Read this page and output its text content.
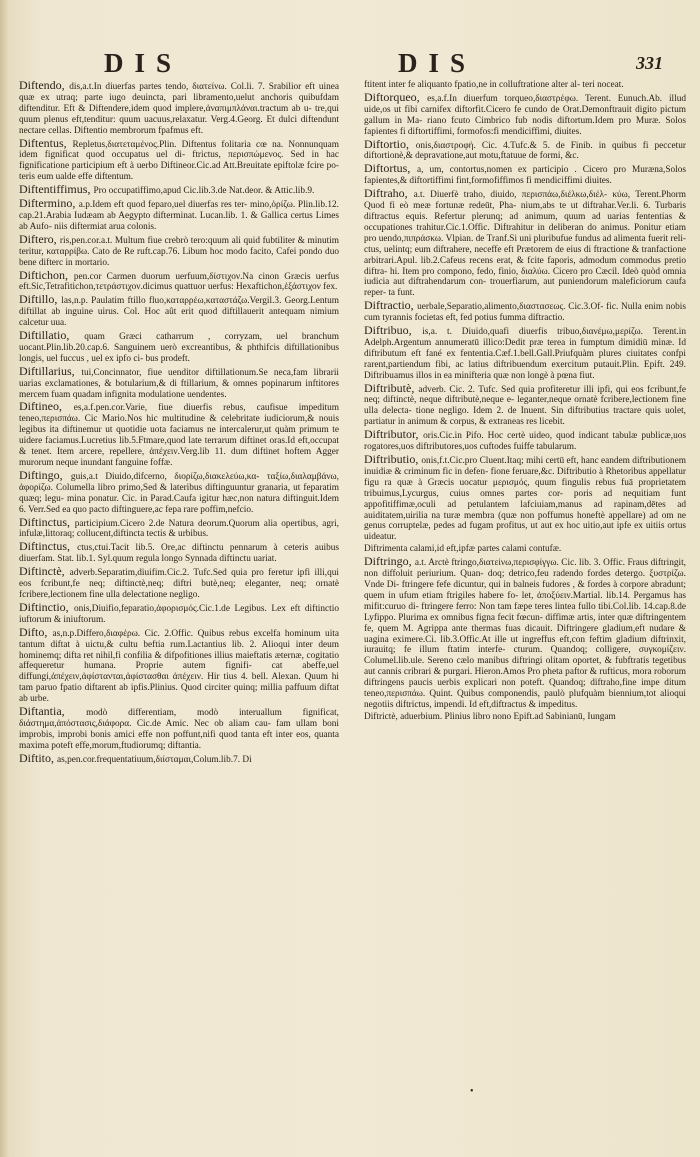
DIS	DIS	331

Diftendo, dis,a.t.In diuerfas partes tendo, διατείνω. Col.li. 7. Srabilior eft uinea quæ ex utraq; parte iugo deuincta, pari libramento,uelut anchoris quibufdam diftenditur. Eft & Diftendere,idem quod implere,ἀναπιμπλάναι.tractum ab u- tre,qui quum plenus eft,tenditur: quum uacuus,relaxatur. Verg.4.Georg. Et dulci diftendunt nectare cellas. Diftentio membrorum fpafmus eft.

Diftentus, Repletus,διατεταμένος.Plin. Diftentus folitaria cœ na. Nonnunquam idem fignificat quod occupatus uel di- ftrictus, περισπώμενος. Sed in hac fignificatione participium eft à uerbo Diftineor.Cic.ad Att.Breuitate epiftolæ fcire po- teris eum ualde effe diftentum.

Diftentiffimus, Pro occupatiffimo,apud Cic.lib.3.de Nat.deor. & Attic.lib.9.

Diftermino, a.p.Idem eft quod feparo,uel diuerfas res ter- mino,ὁρίζω. Plin.lib.12. cap.21.Arabia Iudæam ab Aegypto difterminat. Lucan.lib. 1. & Gallica certus Limes ab Aufo- niis diftermiat arua colonis.

Diftero, ris,pen.cor.a.t. Multum fiue crebrò tero:quum ali quid fubtiliter & minutim teritur, καταρρίβω. Cato de Re ruft.cap.76. Libum hoc modo facito, Cafei pondo duo bene difterc in mortario.

Diftichon, pen.cor Carmen duorum uerfuum,δίστιχον.Na cinon Græcis uerfus eft.Sic,Tetrafitichon,τετράστιχον.dicimus quattuor uerfus: Hexaftichon,ἑξάστιχον fex.

Diftillo, las,n.p. Paulatim ftillo fluo,καταρρέω,καταστάζω.Vergil.3. Georg.Lentum diftillat ab inguine uirus. Col. Hoc aût erit quod diftillauerit antequam nimium calcetur uua.

Diftillatio, quam Græci catharrum , corryzam, uel branchum uocant.Plin.lib.20.cap.6. Sanguinem uerò excreantibus, & phthifcis diftillationibus longis, uel fuccus , uel ex ipfo ci- bus prodeft.

Diftillarius, tui,Concinnator, fiue uenditor diftillationum.Se neca,fam librarii uarias exclamationes, & botularium,& di ftillarium, & omnes popinarum inftitores mercem fuam quadam infignita modulatione uendentes.

Diftineo, es,a.f.pen.cor.Varie, fiue diuerfis rebus, caufisue impeditum teneo,περισπάω. Cic Mario.Nos hic multitudine & celebritate iudiciorum,& nouis legibus ita diftinemur ut quotidie uota faciamus ne intercalerur,ut quàm primum te uidere faciamus.Lucretius lib.5.Ftmare,quod late terrarum diftinet oras.Id eft,occupat & tenet. Item arcere, repellere, ἀπέχειν.Verg.lib 11. dum diftinet hoftem Agger murorum neque inundant fanguine foffæ.

Diftingo, guis,a.t Diuido,difcerno, διορίζω,διακελεύω,κα- ταξίω,διαλαμβάνω, ἀφορίζω. Columella libro primo,Sed & lateribus diftinguuntur granaria, ut feparatim quæq; legu- mina ponatur. Cic. in Parad.Caufa igitur hæc,non natura diftinguit.Idem 6. Verr.Sed ea quo pacto diftinguere,ac fepa rare poffim,nefcio.

Diftinctus, participium.Cicero 2.de Natura deorum.Quorum alia opertibus, agri, infulæ,littoraq; collucent,diftincta tectis & urbibus.

Diftinctus, ctus,ctui.Tacit lib.5. Ore,ac diftinctu pennarum à ceteris auibus diuerfam. Stat. lib.1. Syl.quum regula longo Synnada diftinctu uariat.

Diftinctè, adverb.Separatim,diuifim.Cic.2. Tufc.Sed quia pro feretur ipfi illi,qui eos fcribunt,fe neq; diftinctè,neq; diftri butè,neq; eleganter, neq; ornatè fcribere,lectionem fine ulla delectatione negligo.

Diftinctio, onis,Diuifio,feparatio,ἀφορισμός.Cic.1.de Legibus. Lex eft diftinctio iuftorum & iniuftorum.

Difto, as,n.p.Differo,διαφέρω. Cic. 2.Offic. Quibus rebus excelfa hominum uita tantum diftat à uictu,& cultu beftia rum.Lactantius lib. 2. Alioqui inter deum hominemq; difta ret nihil,fi confilia & difpofitiones illius maieftatis æternæ, cogitatio affequeretur humana. Proprie autem fignifi- cat abeffe,uel diffungi,ἀπέχειν,ἀφίστανται,ἀφίστασθαι ἀπέχειν. Hir tius 4. bell. Alexan. Quum hi tam paruo fpatio diftarent ab ipfis.Plinius. Quod circiter quinq; millia paffuum diftat ab urbe.

Diftantia, modò differentiam, modò interuallum fignificat, διάστημα,ἀπόστασις,διάφορα. Cic.de Amic. Nec ob aliam cau- fam ullam boni improbis, improbi bonis amici effe non poffunt,nifi quod tanta eft inter eos, quanta maxima poteft effe,morum,ftudiorumq; diftantia.

Diftito, as,pen.cor.frequentatiuum,διίσταμαι,Colum.lib.7. Di

ftitent inter fe aliquanto fpatio,ne in colluftratione alter al- teri noceat.

Diftorqueo, es,a.f.In diuerfum torqueo,διαστρέφω. Terent. Eunuch.Ab. illud uide,os ut fibi carnifex diftorfit.Cicero fe cundo de Orat.Demonftrauit digito pictum gallum in Ma- riano fcuto Cimbrico fub nodis diftortum.Idem pro Muræ. Solos fapientes fi diftortiffimi, formofos:fi mendiciffimi, diuites.

Diftortio, onis,διαστροφή. Cic. 4.Tufc.& 5. de Finib. in quibus fi peccetur diftortionè,& depravatione,aut motu,ftatuue de formi, &c.

Diftortus, a, um, contortus,nomen ex participio . Cicero pro Muræna,Solos fapientes,& diftortiffimi fint,formofiffimos fi mendiciffimi diuites.

Diftraho, a.t. Diuerfè traho, diuido, περισπάω,διέλκω,διέλ- κύω, Terent.Phorm Quod fi eò meæ fortunæ redeūt, Pha- nium,abs te ut diftrahar.Ver.li. 6. Turbaris diftractus equis. Refertur plerunq; ad animum, quum ad uarias fententias & occupationes trahitur.Cic.1.Offic. Diftrahitur in deliberan do animus. Ponitur etiam pro uendo,πιπράσκω. Vlpian. de Tranf.Si uni pluribufue fundus ad alimenta fuerit reli- ctus, uelintq; eum diftrahere, neceffe eft Prætorem de eius di ftractione & tranfactione arbitrari.Apul. lib.2.Cafeus recens erat, & fcite faporis, admodum commodus pretio diftra- hi. Item pro compono, fedo, finio, διαλύω. Cicero pro Cæcil. Ideò quòd omnia iudicia aut diftrahendarum con- trouerfiarum, aut puniendorum maleficiorum caufa reper- ta funt.

Diftractio, uerbale,Separatio,alimento,διαστασεως. Cic.3.Of- fic. Nulla enim nobis cum tyrannis focietas eft, fed potius fumma diftractio.

Diftribuo, is,a. t. Diuido,quafi diuerfis tribuo,διανέμω,μερίζω. Terent.in Adelph.Argentum annumeratū illico:Dedit præ terea in fumptum dimidiū minæ. Id diftributum eft fané ex fententia.Cæf.1.bell.Gall.Priufquàm plures ciuitates confpi rarent,partiendum fibi, ac latius diftribuendum exercitum putauit.Plin. Epift. 249. Diftribuamus illos in ea minifteria quæ non longè à pœna fiut.

Diftributè, adverb. Cic. 2. Tufc. Sed quia profiteretur illi ipfi, qui eos fcribunt,fe neq; diftinctè, neque diftributè,neque e- leganter,neque ornatè fcribere,lectionem fine ulla delecta- tione negligo. Idem 2. de Inuent. Sin diftributius tractare quis uolet, partiatur in animum & corpus, & extraneas res licebit.

Diftributor, oris.Cic.in Pifo. Hoc certè uideo, quod indicant tabulæ publicæ,uos rogatores,uos diftributores,uos cuftodes fuiffe tabularum.

Diftributio, onis,f.t.Cic.pro Cluent.Itaq; mihi certū eft, hanc eandem diftributionem inuidiæ & criminum fic in defen- fione feruare,&c. Diftributio à Rhetoribus appellatur figu ra quæ à Græcis uocatur μερισμός, quum fingulis rebus fuā proprietatem tribuimus,Lycurgus, cuius omnes partes cor- poris ad nequitiam funt appofitiffimæ,oculi ad petulantem lafciuiam,manus ad rapinam,dētes ad auiditatem,uirilia na turæ membra (quæ non poffumus honeftè appellare) ad om ne genus corruptelæ, pedes ad fugam profitus, ut aut ex hoc uitio,aut ipfe ex uitiis ortus uideatur.

Diftrimenta calami,id eft,ipfæ partes calami contufæ.

Diftringo, a.t. Arctè ftringo,διατείνω,περισφίγγω. Cic. lib. 3. Offic. Fraus diftringit, non diffoluit periurium. Quan- doq; detrico,feu radendo fordes detergo. ξυστρίζω. Vnde Di- ftringere fefe dicuntur, qui in balneis fudores , & fordes à corpore abradunt; quem in ufum etiam ftrigiles habere fo- let, ἀποξύειν.Martial. lib.14. Pergamus has mifit:curuo di- ftringere ferro: Non tam fæpe teres lintea fullo tibi.Col.lib. 14.cap.8.de Lyfippo. Plurima ex omnibus figna fecit fœcun- diffimæ artis, inter quæ diftringentem fe, quem M. Agrippa ante thermas fuas dicauit. Diftringere gladium,eft nudare & uagina eximere.Ci. lib.3.Offic.At ille ut ingreffus eft,con feftim gladium diftrinxit, iurauitq; fe illum ftatim interfe- cturum. Quandoq; colligere, συγκομίζειν. Columel.lib.ule. Sereno cælo manibus diftringi olitam oportet, & fubftratis tegetibus aut cannis cribrari & purgari. Hieron.Amos Pro pheta paftor & rufticus, mora roborum diftringens paucis uerbis explicari non poteft. Quandoq; diftraho,fine impe ditum teneo,περισπάω. Quint. Quibus componendis, paulò plufquàm biennium,tot alioqui negotiis diftrictus, impendi. Id eft,diftractus & impeditus.

Diftrictè, aduerbium. Plinius libro nono Epift.ad Sabinianū, Iungam

•
